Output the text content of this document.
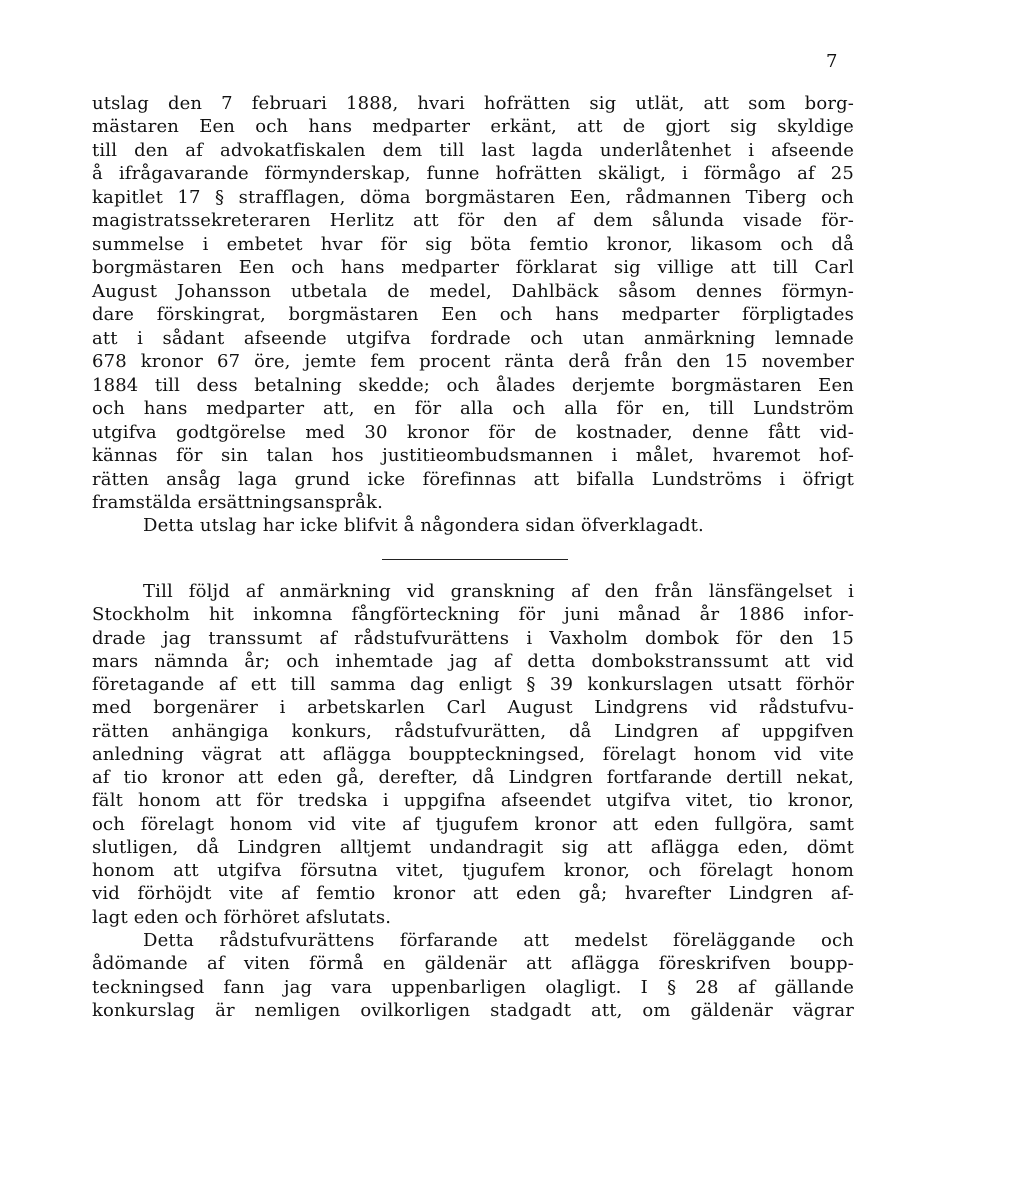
7
utslag den 7 februari 1888, hvari hofrätten sig utlät, att som borg-
mästaren Een och hans medparter erkänt, att de gjort sig skyldige
till den af advokatfiskalen dem till last lagda underlåtenhet i afseende
å ifrågavarande förmynderskap, funne hofrätten skäligt, i förmågo af 25
kapitlet 17 § strafflagen, döma borgmästaren Een, rådmannen Tiberg och
magistratssekreteraren Herlitz att för den af dem sålunda visade för-
summelse i embetet hvar för sig böta femtio kronor, likasom och då
borgmästaren Een och hans medparter förklarat sig villige att till Carl
August Johansson utbetala de medel, Dahlbäck såsom dennes förmyn-
dare förskingrat, borgmästaren Een och hans medparter förpligtades
att i sådant afseende utgifva fordrade och utan anmärkning lemnade
678 kronor 67 öre, jemte fem procent ränta derå från den 15 november
1884 till dess betalning skedde; och ålades derjemte borgmästaren Een
och hans medparter att, en för alla och alla för en, till Lundström
utgifva godtgörelse med 30 kronor för de kostnader, denne fått vid-
kännas för sin talan hos justitieombudsmannen i målet, hvaremot hof-
rätten ansåg laga grund icke förefinnas att bifalla Lundströms i öfrigt
framstälda ersättningsanspråk.
Detta utslag har icke blifvit å någondera sidan öfverklagadt.
Till följd af anmärkning vid granskning af den från länsfängelset i
Stockholm hit inkomna fångförteckning för juni månad år 1886 infor-
drade jag transsumt af rådstufvurättens i Vaxholm dombok för den 15
mars nämnda år; och inhemtade jag af detta dombokstranssumt att vid
företagande af ett till samma dag enligt § 39 konkurslagen utsatt förhör
med borgenärer i arbetskarlen Carl August Lindgrens vid rådstufvu-
rätten anhängiga konkurs, rådstufvurätten, då Lindgren af uppgifven
anledning vägrat att aflägga bouppteckningsed, förelagt honom vid vite
af tio kronor att eden gå, derefter, då Lindgren fortfarande dertill nekat,
fält honom att för tredska i uppgifna afseendet utgifva vitet, tio kronor,
och förelagt honom vid vite af tjugufem kronor att eden fullgöra, samt
slutligen, då Lindgren alltjemt undandragit sig att aflägga eden, dömt
honom att utgifva försutna vitet, tjugufem kronor, och förelagt honom
vid förhöjdt vite af femtio kronor att eden gå; hvarefter Lindgren af-
lagt eden och förhöret afslutats.
Detta rådstufvurättens förfarande att medelst föreläggande och
ådömande af viten förmå en gäldenär att aflägga föreskrifven boupp-
teckningsed fann jag vara uppenbarligen olagligt. I § 28 af gällande
konkurslag är nemligen ovilkorligen stadgadt att, om gäldenär vägrar
